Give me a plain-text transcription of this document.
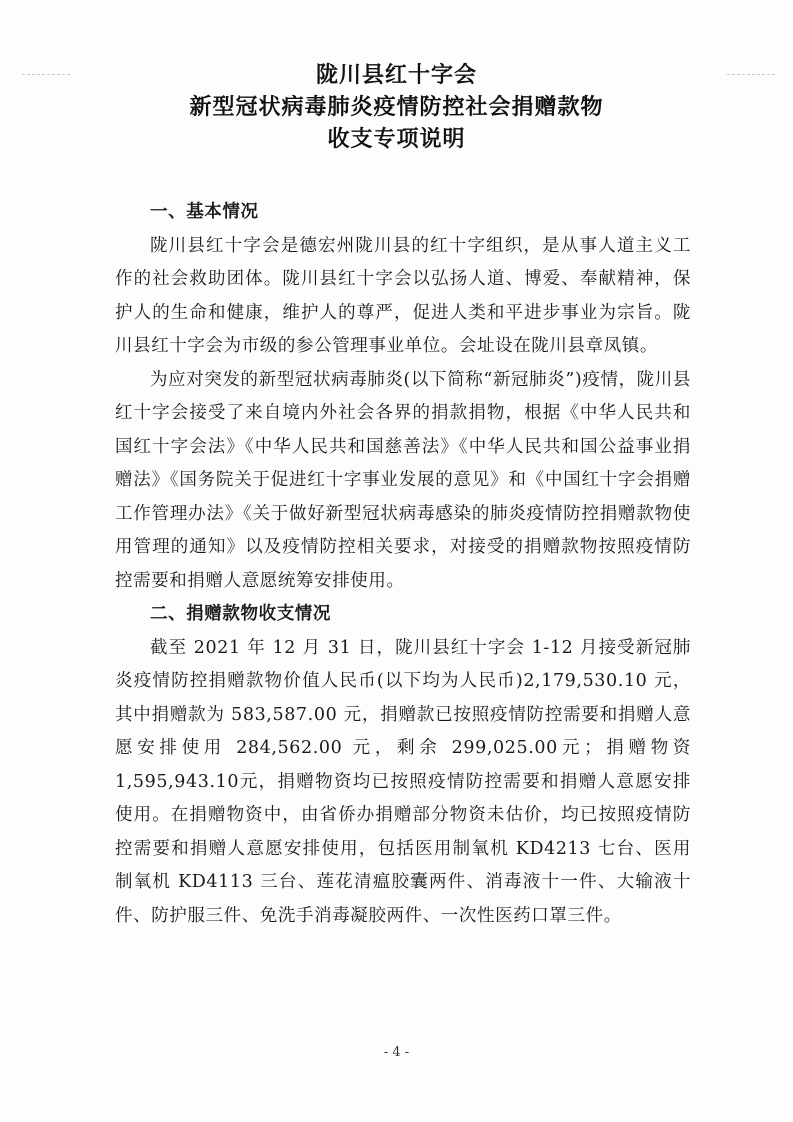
陇川县红十字会
新型冠状病毒肺炎疫情防控社会捐赠款物
收支专项说明

一、基本情况

陇川县红十字会是德宏州陇川县的红十字组织，是从事人道主义工作的社会救助团体。陇川县红十字会以弘扬人道、博爱、奉献精神，保护人的生命和健康，维护人的尊严，促进人类和平进步事业为宗旨。陇川县红十字会为市级的参公管理事业单位。会址设在陇川县章凤镇。

为应对突发的新型冠状病毒肺炎(以下简称“新冠肺炎”)疫情，陇川县红十字会接受了来自境内外社会各界的捐款捐物，根据《中华人民共和国红十字会法》《中华人民共和国慈善法》《中华人民共和国公益事业捐赠法》《国务院关于促进红十字事业发展的意见》和《中国红十字会捐赠工作管理办法》《关于做好新型冠状病毒感染的肺炎疫情防控捐赠款物使用管理的通知》以及疫情防控相关要求，对接受的捐赠款物按照疫情防控需要和捐赠人意愿统筹安排使用。

二、捐赠款物收支情况

截至 2021 年 12 月 31 日，陇川县红十字会 1-12 月接受新冠肺炎疫情防控捐赠款物价值人民币(以下均为人民币)2,179,530.10 元，其中捐赠款为 583,587.00 元，捐赠款已按照疫情防控需要和捐赠人意愿安排使用 284,562.00 元，剩余 299,025.00元；捐赠物资 1,595,943.10元，捐赠物资均已按照疫情防控需要和捐赠人意愿安排使用。在捐赠物资中，由省侨办捐赠部分物资未估价，均已按照疫情防控需要和捐赠人意愿安排使用，包括医用制氧机 KD4213 七台、医用制氧机 KD4113 三台、莲花清瘟胶囊两件、消毒液十一件、大输液十件、防护服三件、免洗手消毒凝胶两件、一次性医药口罩三件。

- 4 -
